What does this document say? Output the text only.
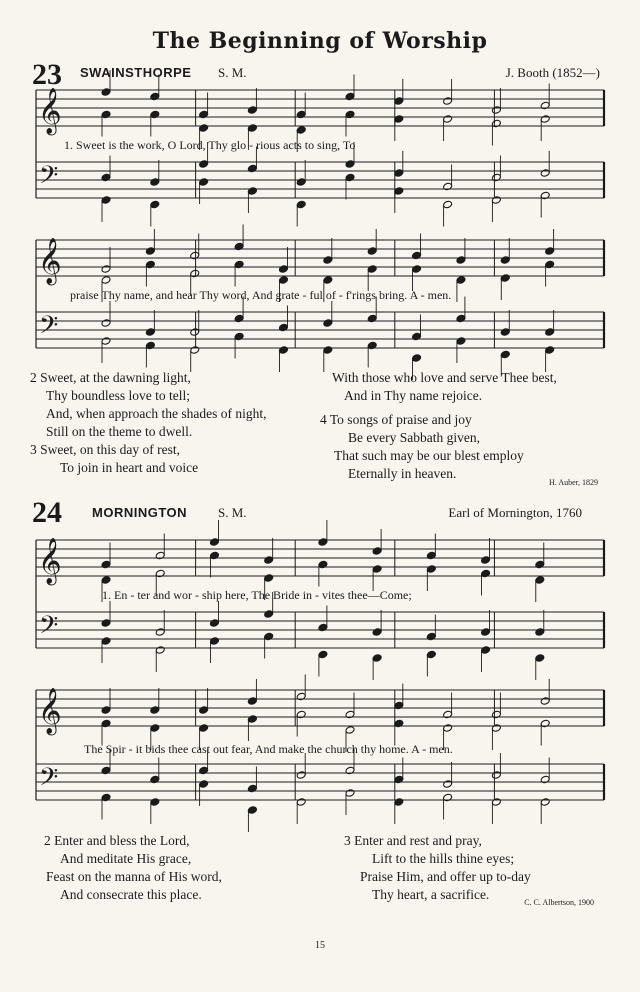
The Beginning of Worship
23 SWAINSTHORPE S. M.	J. Booth (1852—)
1. Sweet is the work, O Lord, Thy glo - rious acts to sing, To
praise Thy name, and hear Thy word, And grate - ful of - f'rings bring. A - men.
2 Sweet, at the dawning light,
Thy boundless love to tell;
And, when approach the shades of night,
Still on the theme to dwell.
3 Sweet, on this day of rest,
To join in heart and voice
With those who love and serve Thee best,
And in Thy name rejoice.
4 To songs of praise and joy
Be every Sabbath given,
That such may be our blest employ
Eternally in heaven.
H. Auber, 1829
24 MORNINGTON S. M.	Earl of Mornington, 1760
1. En - ter and wor - ship here, The Bride in - vites thee—Come;
The Spir - it bids thee cast out fear, And make the church thy home. A - men.
2 Enter and bless the Lord,
And meditate His grace,
Feast on the manna of His word,
And consecrate this place.
3 Enter and rest and pray,
Lift to the hills thine eyes;
Praise Him, and offer up to-day
Thy heart, a sacrifice.
C. C. Albertson, 1900
15
𝄞
𝄢
𝄞
𝄢
𝄞
𝄢
𝄞
𝄢
